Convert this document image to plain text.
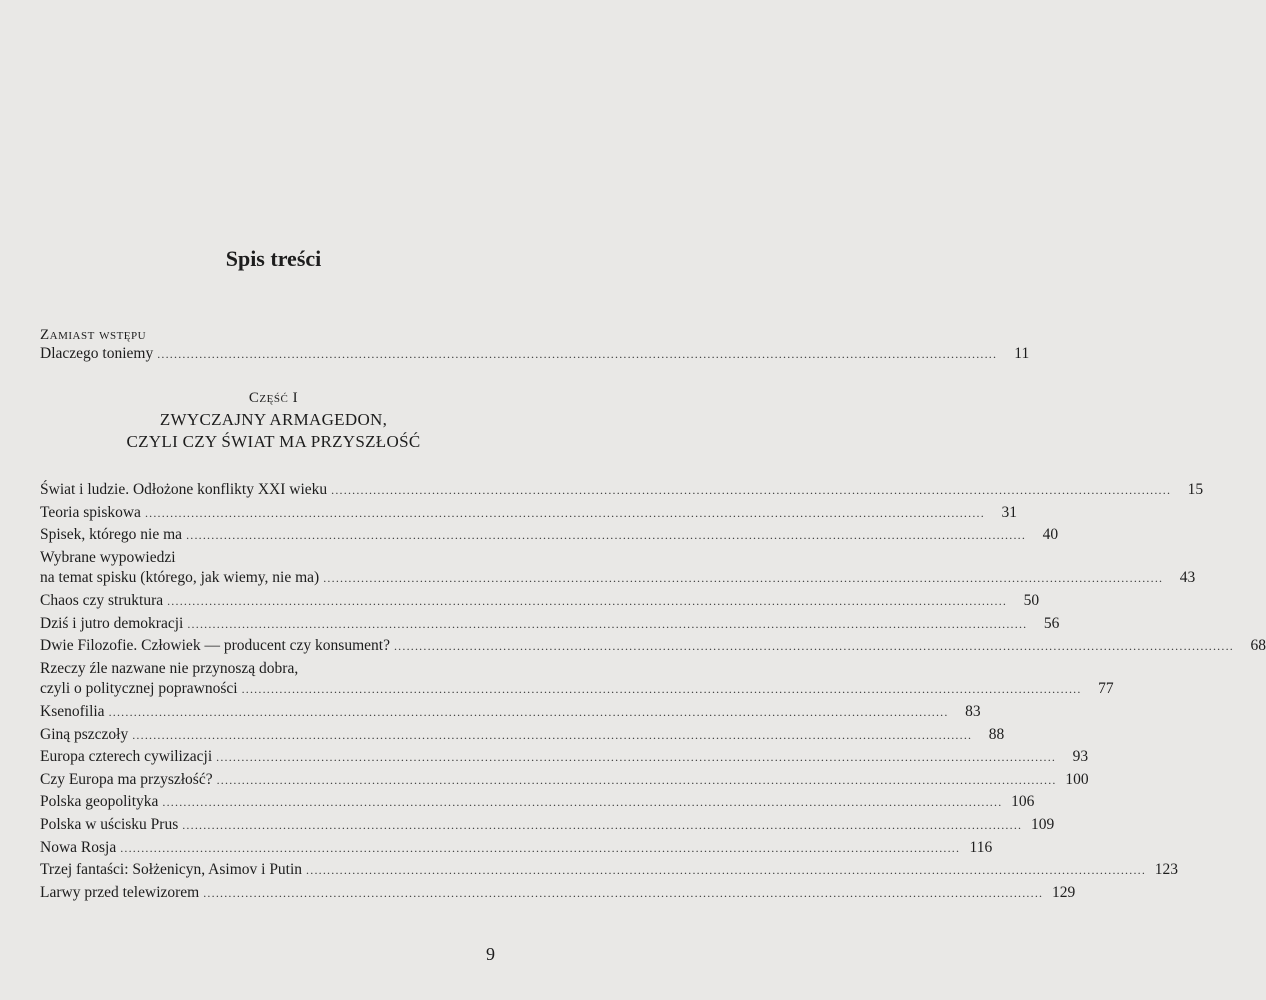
Spis treści
Zamiast wstępu
Dlaczego toniemy ........................................................................................................................................................................................................	11
Część I
ZWYCZAJNY ARMAGEDON,
CZYLI CZY ŚWIAT MA PRZYSZŁOŚĆ
Świat i ludzie. Odłożone konflikty XXI wieku ........................................................................................................................................................................................................	15
Teoria spiskowa ........................................................................................................................................................................................................	31
Spisek, którego nie ma ........................................................................................................................................................................................................	40
Wybrane wypowiedzi
na temat spisku (którego, jak wiemy, nie ma) ........................................................................................................................................................................................................	43
Chaos czy struktura ........................................................................................................................................................................................................	50
Dziś i jutro demokracji ........................................................................................................................................................................................................	56
Dwie Filozofie. Człowiek — producent czy konsument? ........................................................................................................................................................................................................	68
Rzeczy źle nazwane nie przynoszą dobra,
czyli o politycznej poprawności ........................................................................................................................................................................................................	77
Ksenofilia ........................................................................................................................................................................................................	83
Giną pszczoły ........................................................................................................................................................................................................	88
Europa czterech cywilizacji ........................................................................................................................................................................................................	93
Czy Europa ma przyszłość? ........................................................................................................................................................................................................ 100
Polska geopolityka ........................................................................................................................................................................................................ 106
Polska w uścisku Prus ........................................................................................................................................................................................................ 109
Nowa Rosja ........................................................................................................................................................................................................ 116
Trzej fantaści: Sołżenicyn, Asimov i Putin ........................................................................................................................................................................................................ 123
Larwy przed telewizorem ........................................................................................................................................................................................................ 129
9
